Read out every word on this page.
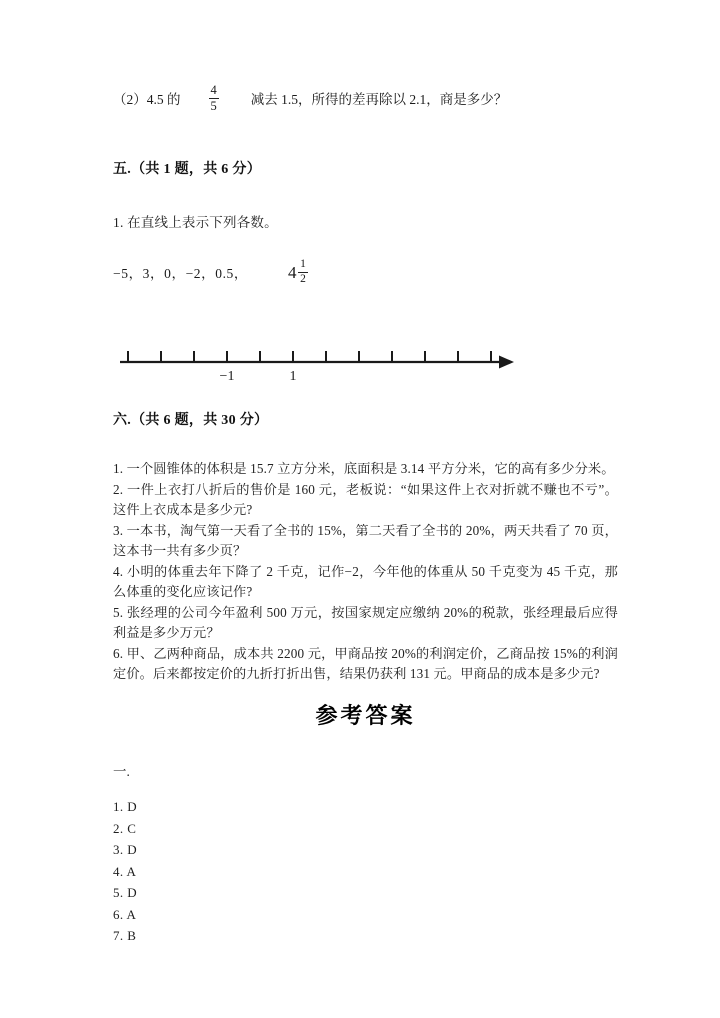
（2）4.5 的 $\frac{4}{5}$ 减去 1.5，所得的差再除以 2.1，商是多少？
五.（共 1 题，共 6 分）
1. 在直线上表示下列各数。
−5，3，0，−2，0.5， $4 \frac{1}{2}$
−1	1
六.（共 6 题，共 30 分）
1. 一个圆锥体的体积是 15.7 立方分米，底面积是 3.14 平方分米，它的高有多少分米。
2. 一件上衣打八折后的售价是 160 元，老板说：“如果这件上衣对折就不赚也不亏”。这件上衣成本是多少元?
3. 一本书，淘气第一天看了全书的 15%，第二天看了全书的 20%，两天共看了 70 页，这本书一共有多少页？
4. 小明的体重去年下降了 2 千克，记作−2，今年他的体重从 50 千克变为 45 千克，那么体重的变化应该记作?
5. 张经理的公司今年盈利 500 万元，按国家规定应缴纳 20%的税款，张经理最后应得利益是多少万元？
6. 甲、乙两种商品，成本共 2200 元，甲商品按 20%的利润定价，乙商品按 15%的利润定价。后来都按定价的九折打折出售，结果仍获利 131 元。甲商品的成本是多少元?
参考答案
一.
1. D
2. C
3. D
4. A
5. D
6. A
7. B
